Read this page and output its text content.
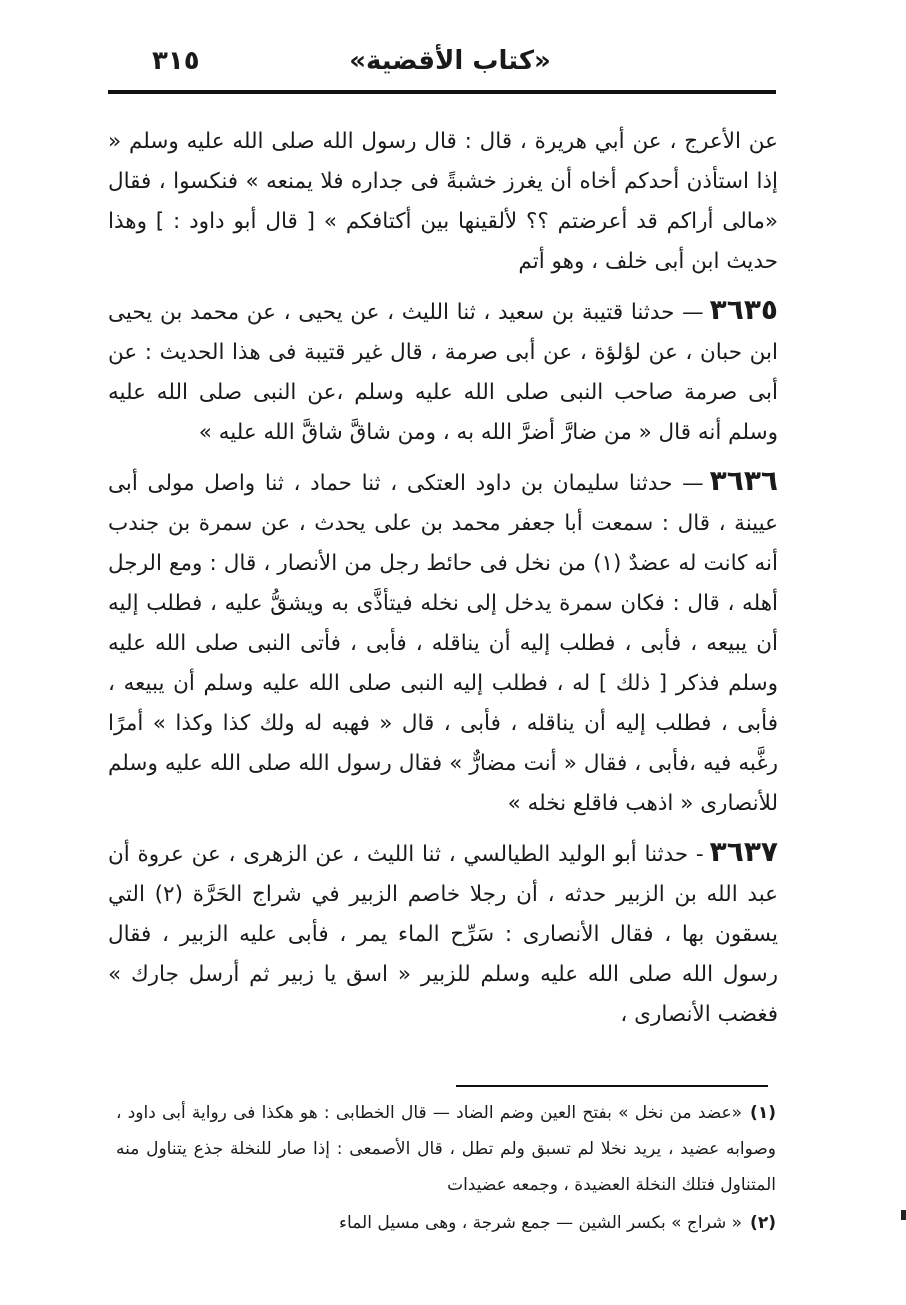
«كتاب الأقضية»
٣١٥

عن الأعرج ، عن أبي هريرة ، قال : قال رسول الله صلى الله عليه وسلم « إذا استأذن أحدكم أخاه أن يغرز خشبةً فى جداره فلا يمنعه » فنكسوا ، فقال «مالى أراكم قد أعرضتم ؟؟ لألقينها بين أكتافكم » [ قال أبو داود : ] وهذا حديث ابن أبى خلف ، وهو أتم

٣٦٣٥— حدثنا قتيبة بن سعيد ، ثنا الليث ، عن يحيى ، عن محمد بن يحيى ابن حبان ، عن لؤلؤة ، عن أبى صرمة ، قال غير قتيبة فى هذا الحديث : عن أبى صرمة صاحب النبى صلى الله عليه وسلم ،عن النبى صلى الله عليه وسلم أنه قال « من ضارَّ أضرَّ الله به ، ومن شاقَّ شاقَّ الله عليه »

٣٦٣٦— حدثنا سليمان بن داود العتكى ، ثنا حماد ، ثنا واصل مولى أبى عيينة ، قال : سمعت أبا جعفر محمد بن على يحدث ، عن سمرة بن جندب أنه كانت له عضدٌ (١) من نخل فى حائط رجل من الأنصار ، قال : ومع الرجل أهله ، قال : فكان سمرة يدخل إلى نخله فيتأذَّى به ويشقُّ عليه ، فطلب إليه أن يبيعه ، فأبى ، فطلب إليه أن يناقله ، فأبى ، فأتى النبى صلى الله عليه وسلم فذكر [ ذلك ] له ، فطلب إليه النبى صلى الله عليه وسلم أن يبيعه ، فأبى ، فطلب إليه أن يناقله ، فأبى ، قال « فهبه له ولك كذا وكذا » أمرًا رغَّبه فيه ،فأبى ، فقال « أنت مضارٌّ » فقال رسول الله صلى الله عليه وسلم للأنصارى « اذهب فاقلع نخله »

٣٦٣٧- حدثنا أبو الوليد الطيالسي ، ثنا الليث ، عن الزهرى ، عن عروة أن عبد الله بن الزبير حدثه ، أن رجلا خاصم الزبير في شراج الحَرَّة (٢) التي يسقون بها ، فقال الأنصارى : سَرِّح الماء يمر ، فأبى عليه الزبير ، فقال رسول الله صلى الله عليه وسلم للزبير « اسق يا زبير ثم أرسل جارك » فغضب الأنصارى ،

(١)«عضد من نخل » بفتح العين وضم الضاد — قال الخطابى : هو هكذا فى رواية أبى داود ، وصوابه عضيد ، يريد نخلا لم تسبق ولم تطل ، قال الأصمعى : إذا صار للنخلة جذع يتناول منه المتناول فتلك النخلة العضيدة ، وجمعه عضيدات

(٢)« شراج » بكسر الشين — جمع شرجة ، وهى مسيل الماء
